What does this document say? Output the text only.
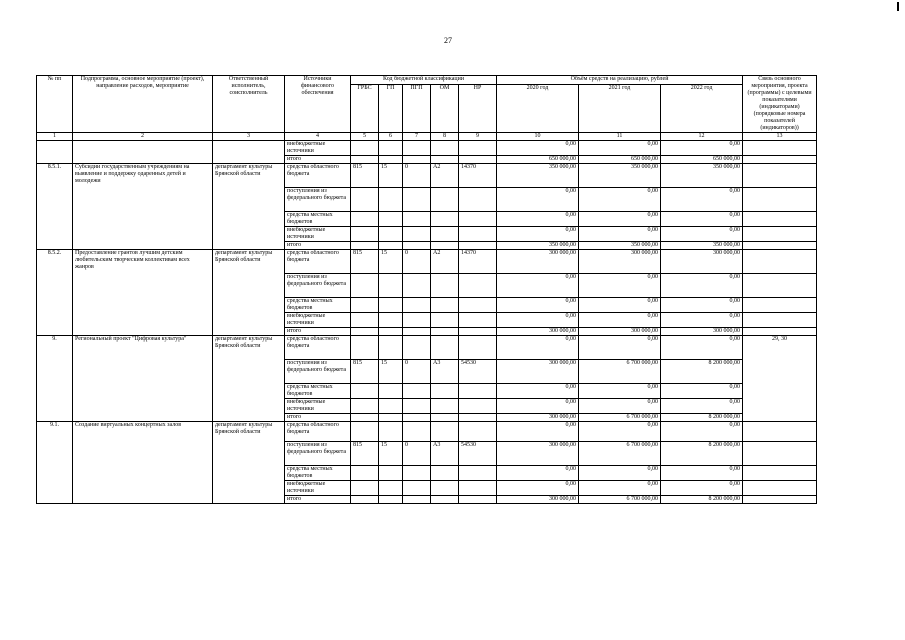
27
№ пп	Подпрограмма, основное мероприятие (проект), направление расходов, мероприятие	Ответственный исполнитель, соисполнитель	Источники финансового обеспечения	Код бюджетной классификации					Объём средств на реализацию, рублей			Связь основного мероприятия, проекта (программы) с целевыми показателями (индикаторами) (порядковые номера показателей (индикаторов))
				ГРБС	ГП	ПГП	ОМ	НР	2020 год	2021 год	2022 год	
1	2	3	4	5	6	7	8	9	10	11	12	13
			внебюджетные источники						0,00	0,00	0,00	
			итого						650 000,00	650 000,00	650 000,00	
8.5.1.	Субсидии государственным учреждениям на выявление и поддержку одаренных детей и молодежи	департамент культуры Брянской области	средства областного бюджета	815	15	0	А2	14370	350 000,00	350 000,00	350 000,00	
			поступления из федерального бюджета						0,00	0,00	0,00	
			средства местных бюджетов						0,00	0,00	0,00	
			внебюджетные источники						0,00	0,00	0,00	
			итого						350 000,00	350 000,00	350 000,00	
8.5.2.	Предоставление грантов лучшим детским любительским творческим коллективам всех жанров	департамент культуры Брянской области	средства областного бюджета	815	15	0	А2	14370	300 000,00	300 000,00	300 000,00	
			поступления из федерального бюджета						0,00	0,00	0,00	
			средства местных бюджетов						0,00	0,00	0,00	
			внебюджетные источники						0,00	0,00	0,00	
			итого						300 000,00	300 000,00	300 000,00	
9.	Региональный проект "Цифровая культура"	департамент культуры Брянской области	средства областного бюджета						0,00	0,00	0,00	29, 30
			поступления из федерального бюджета	815	15	0	А3	54530	300 000,00	6 700 000,00	8 200 000,00	
			средства местных бюджетов						0,00	0,00	0,00	
			внебюджетные источники						0,00	0,00	0,00	
			итого						300 000,00	6 700 000,00	8 200 000,00	
9.1.	Создание виртуальных концертных залов	департамент культуры Брянской области	средства областного бюджета						0,00	0,00	0,00	
			поступления из федерального бюджета	815	15	0	А3	54530	300 000,00	6 700 000,00	8 200 000,00	
			средства местных бюджетов						0,00	0,00	0,00	
			внебюджетные источники						0,00	0,00	0,00	
			итого						300 000,00	6 700 000,00	8 200 000,00	
